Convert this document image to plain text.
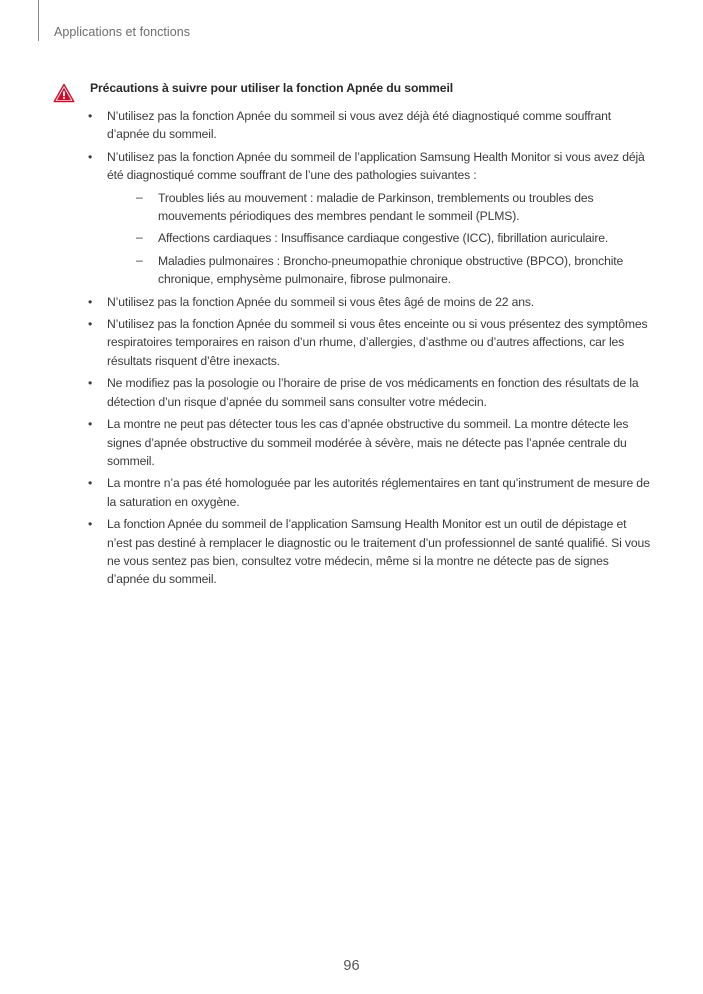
Applications et fonctions
Précautions à suivre pour utiliser la fonction Apnée du sommeil
• N’utilisez pas la fonction Apnée du sommeil si vous avez déjà été diagnostiqué comme souffrant d’apnée du sommeil.
• N’utilisez pas la fonction Apnée du sommeil de l’application Samsung Health Monitor si vous avez déjà été diagnostiqué comme souffrant de l’une des pathologies suivantes :
– Troubles liés au mouvement : maladie de Parkinson, tremblements ou troubles des mouvements périodiques des membres pendant le sommeil (PLMS).
– Affections cardiaques : Insuffisance cardiaque congestive (ICC), fibrillation auriculaire.
– Maladies pulmonaires : Broncho-pneumopathie chronique obstructive (BPCO), bronchite chronique, emphysème pulmonaire, fibrose pulmonaire.
• N’utilisez pas la fonction Apnée du sommeil si vous êtes âgé de moins de 22 ans.
• N’utilisez pas la fonction Apnée du sommeil si vous êtes enceinte ou si vous présentez des symptômes respiratoires temporaires en raison d’un rhume, d’allergies, d’asthme ou d’autres affections, car les résultats risquent d’être inexacts.
• Ne modifiez pas la posologie ou l’horaire de prise de vos médicaments en fonction des résultats de la détection d’un risque d’apnée du sommeil sans consulter votre médecin.
• La montre ne peut pas détecter tous les cas d’apnée obstructive du sommeil. La montre détecte les signes d’apnée obstructive du sommeil modérée à sévère, mais ne détecte pas l’apnée centrale du sommeil.
• La montre n’a pas été homologuée par les autorités réglementaires en tant qu’instrument de mesure de la saturation en oxygène.
• La fonction Apnée du sommeil de l’application Samsung Health Monitor est un outil de dépistage et n’est pas destiné à remplacer le diagnostic ou le traitement d’un professionnel de santé qualifié. Si vous ne vous sentez pas bien, consultez votre médecin, même si la montre ne détecte pas de signes d’apnée du sommeil.
96
